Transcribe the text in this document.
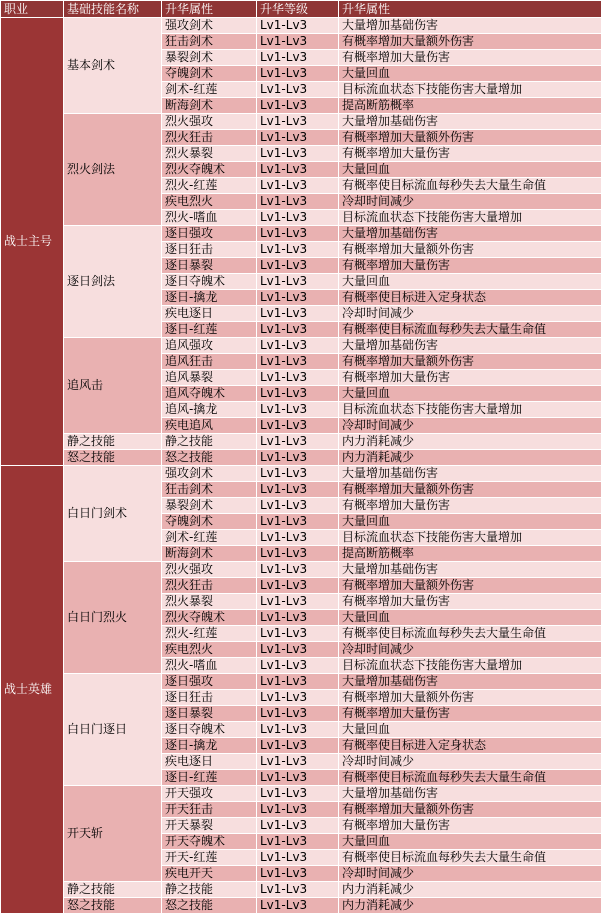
职业	基础技能名称	升华属性	升华等级	升华属性
战士主号	基本剑术	强攻剑术	Lv1-Lv3	大量增加基础伤害
		狂击剑术	Lv1-Lv3	有概率增加大量额外伤害
		暴裂剑术	Lv1-Lv3	有概率增加大量伤害
		夺魄剑术	Lv1-Lv3	大量回血
		剑术-红莲	Lv1-Lv3	目标流血状态下技能伤害大量增加
		断海剑术	Lv1-Lv3	提高断筋概率
	烈火剑法	烈火强攻	Lv1-Lv3	大量增加基础伤害
		烈火狂击	Lv1-Lv3	有概率增加大量额外伤害
		烈火暴裂	Lv1-Lv3	有概率增加大量伤害
		烈火夺魄术	Lv1-Lv3	大量回血
		烈火-红莲	Lv1-Lv3	有概率使目标流血每秒失去大量生命值
		疾电烈火	Lv1-Lv3	冷却时间减少
		烈火-嗜血	Lv1-Lv3	目标流血状态下技能伤害大量增加
	逐日剑法	逐日强攻	Lv1-Lv3	大量增加基础伤害
		逐日狂击	Lv1-Lv3	有概率增加大量额外伤害
		逐日暴裂	Lv1-Lv3	有概率增加大量伤害
		逐日夺魄术	Lv1-Lv3	大量回血
		逐日-擒龙	Lv1-Lv3	有概率使目标进入定身状态
		疾电逐日	Lv1-Lv3	冷却时间减少
		逐日-红莲	Lv1-Lv3	有概率使目标流血每秒失去大量生命值
	追风击	追风强攻	Lv1-Lv3	大量增加基础伤害
		追风狂击	Lv1-Lv3	有概率增加大量额外伤害
		追风暴裂	Lv1-Lv3	有概率增加大量伤害
		追风夺魄术	Lv1-Lv3	大量回血
		追风-擒龙	Lv1-Lv3	目标流血状态下技能伤害大量增加
		疾电追风	Lv1-Lv3	冷却时间减少
	静之技能	静之技能	Lv1-Lv3	内力消耗减少
	怒之技能	怒之技能	Lv1-Lv3	内力消耗减少
战士英雄	白日门剑术	强攻剑术	Lv1-Lv3	大量增加基础伤害
		狂击剑术	Lv1-Lv3	有概率增加大量额外伤害
		暴裂剑术	Lv1-Lv3	有概率增加大量伤害
		夺魄剑术	Lv1-Lv3	大量回血
		剑术-红莲	Lv1-Lv3	目标流血状态下技能伤害大量增加
		断海剑术	Lv1-Lv3	提高断筋概率
	白日门烈火	烈火强攻	Lv1-Lv3	大量增加基础伤害
		烈火狂击	Lv1-Lv3	有概率增加大量额外伤害
		烈火暴裂	Lv1-Lv3	有概率增加大量伤害
		烈火夺魄术	Lv1-Lv3	大量回血
		烈火-红莲	Lv1-Lv3	有概率使目标流血每秒失去大量生命值
		疾电烈火	Lv1-Lv3	冷却时间减少
		烈火-嗜血	Lv1-Lv3	目标流血状态下技能伤害大量增加
	白日门逐日	逐日强攻	Lv1-Lv3	大量增加基础伤害
		逐日狂击	Lv1-Lv3	有概率增加大量额外伤害
		逐日暴裂	Lv1-Lv3	有概率增加大量伤害
		逐日夺魄术	Lv1-Lv3	大量回血
		逐日-擒龙	Lv1-Lv3	有概率使目标进入定身状态
		疾电逐日	Lv1-Lv3	冷却时间减少
		逐日-红莲	Lv1-Lv3	有概率使目标流血每秒失去大量生命值
	开天斩	开天强攻	Lv1-Lv3	大量增加基础伤害
		开天狂击	Lv1-Lv3	有概率增加大量额外伤害
		开天暴裂	Lv1-Lv3	有概率增加大量伤害
		开天夺魄术	Lv1-Lv3	大量回血
		开天-红莲	Lv1-Lv3	有概率使目标流血每秒失去大量生命值
		疾电开天	Lv1-Lv3	冷却时间减少
	静之技能	静之技能	Lv1-Lv3	内力消耗减少
	怒之技能	怒之技能	Lv1-Lv3	内力消耗减少
